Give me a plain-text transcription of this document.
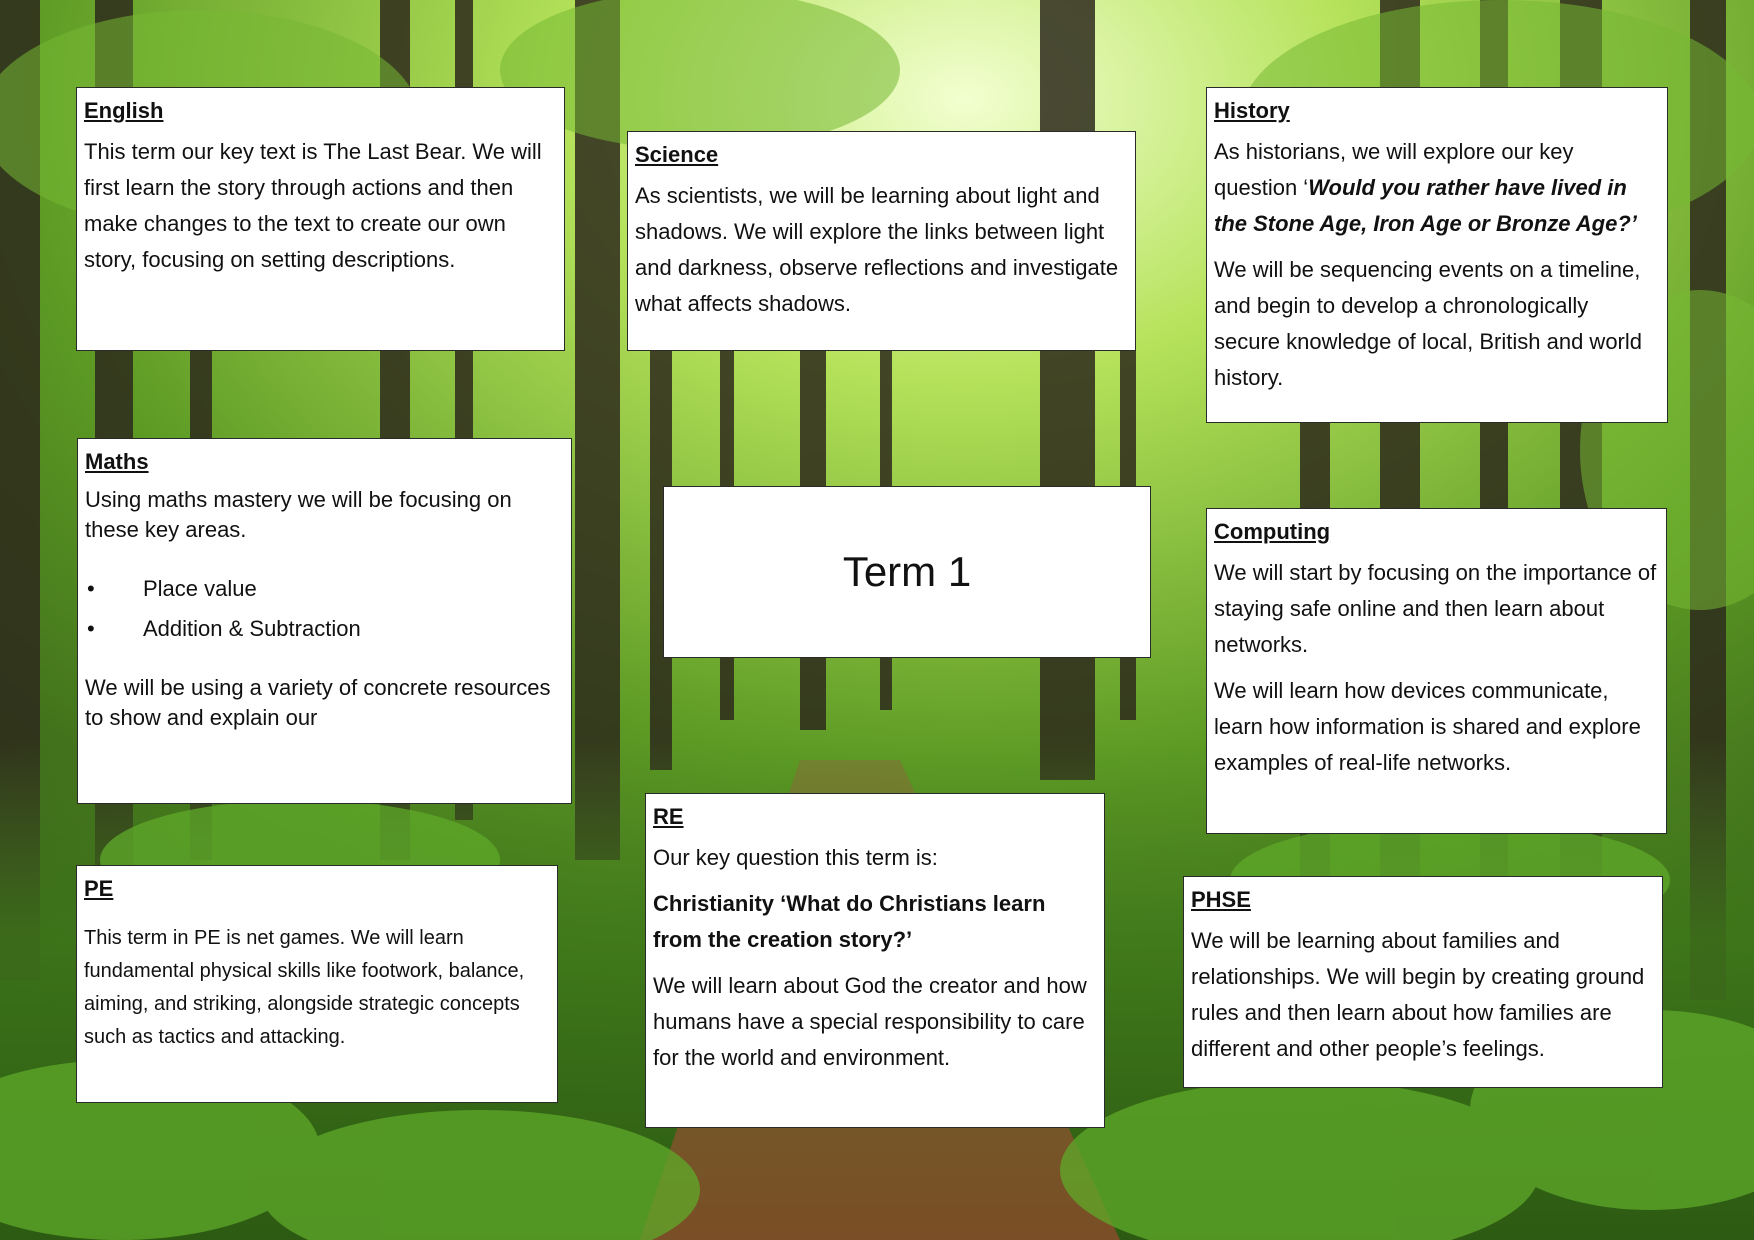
English

This term our key text is The Last Bear. We will first learn the story through actions and then make changes to the text to create our own story, focusing on setting descriptions.

Science

As scientists, we will be learning about light and shadows. We will explore the links between light and darkness, observe reflections and investigate what affects shadows.

History

As historians, we will explore our key question ‘Would you rather have lived in the Stone Age, Iron Age or Bronze Age?’

We will be sequencing events on a timeline, and begin to develop a chronologically secure knowledge of local, British and world history.

Maths

Using maths mastery we will be focusing on these key areas.

• Place value
• Addition & Subtraction

We will be using a variety of concrete resources to show and explain our

Term 1
Computing

We will start by focusing on the importance of staying safe online and then learn about networks.

We will learn how devices communicate, learn how information is shared and explore examples of real-life networks.

PE

This term in PE is net games. We will learn fundamental physical skills like footwork, balance, aiming, and striking, alongside strategic concepts such as tactics and attacking.

RE

Our key question this term is:

Christianity ‘What do Christians learn from the creation story?’

We will learn about God the creator and how humans have a special responsibility to care for the world and environment.

PHSE

We will be learning about families and relationships. We will begin by creating ground rules and then learn about how families are different and other people’s feelings.
